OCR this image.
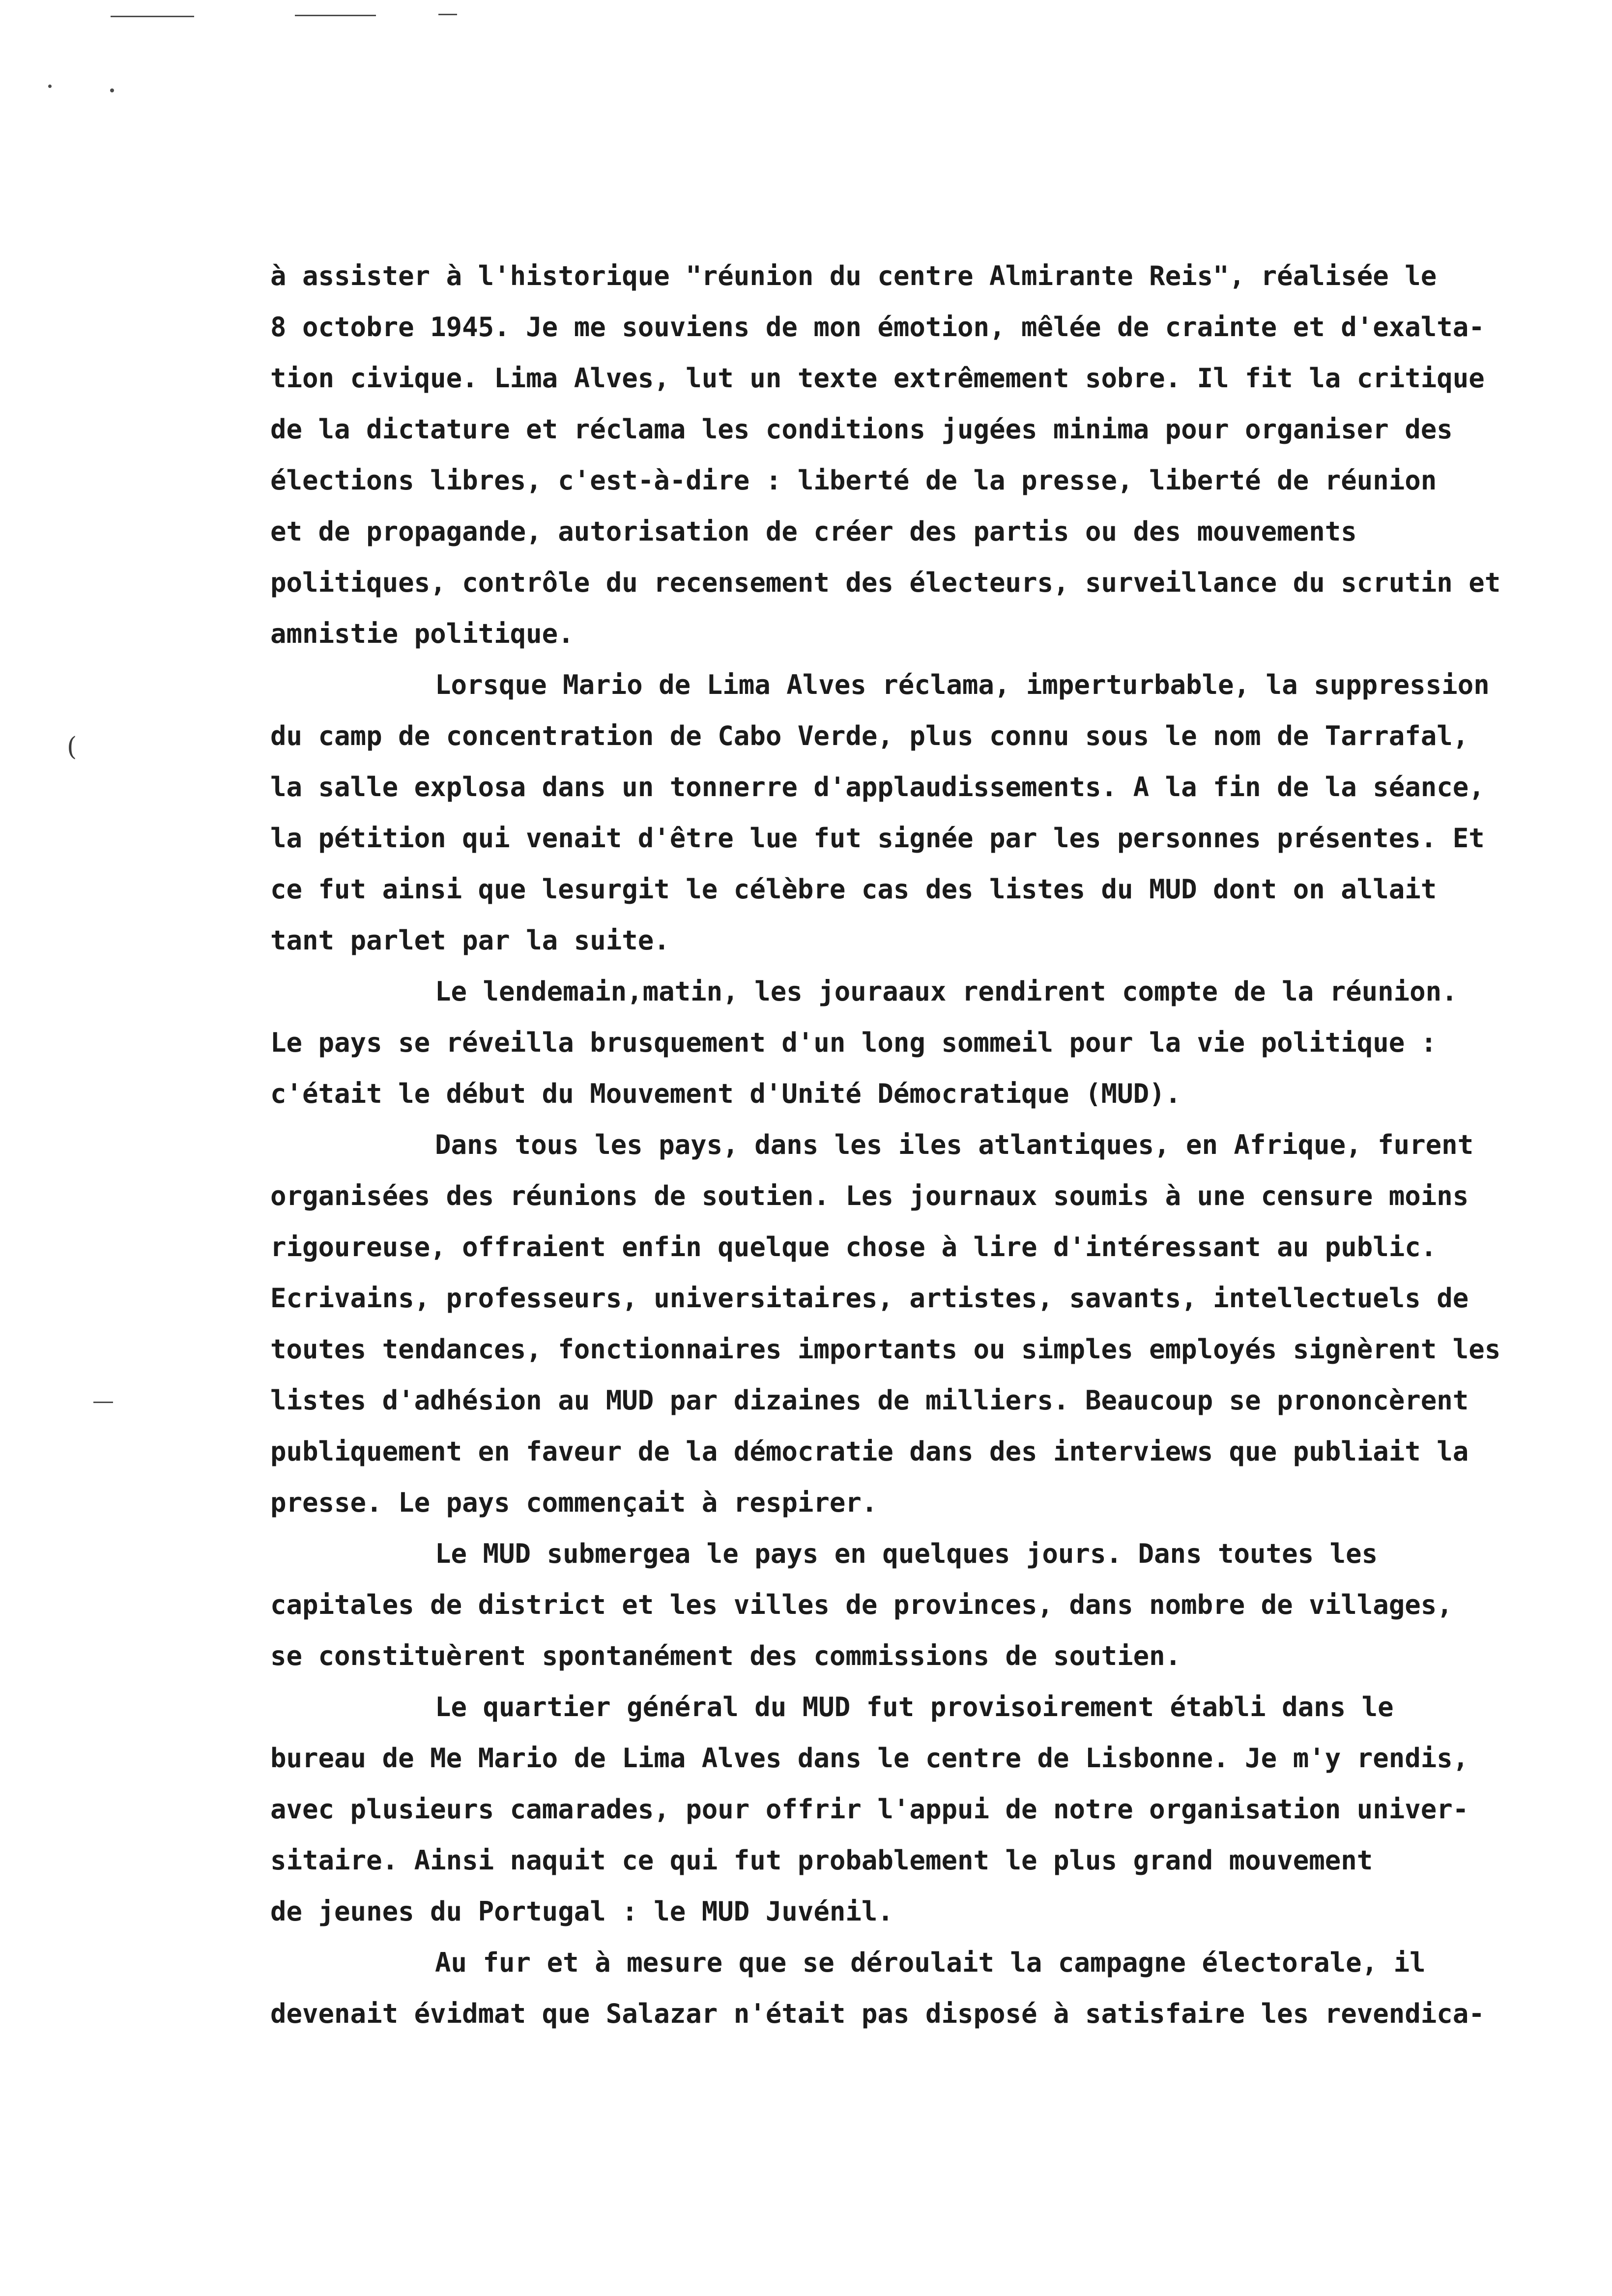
(
à assister à l'historique "réunion du centre Almirante Reis", réalisée le
8 octobre 1945. Je me souviens de mon émotion, mêlée de crainte et d'exalta-
tion civique. Lima Alves, lut un texte extrêmement sobre. Il fit la critique
de la dictature et réclama les conditions jugées minima pour organiser des
élections libres, c'est-à-dire : liberté de la presse, liberté de réunion
et de propagande, autorisation de créer des partis ou des mouvements
politiques, contrôle du recensement des électeurs, surveillance du scrutin et
amnistie politique.
Lorsque Mario de Lima Alves réclama, imperturbable, la suppression
du camp de concentration de Cabo Verde, plus connu sous le nom de Tarrafal,
la salle explosa dans un tonnerre d'applaudissements. A la fin de la séance,
la pétition qui venait d'être lue fut signée par les personnes présentes. Et
ce fut ainsi que lesurgit le célèbre cas des listes du MUD dont on allait
tant parlet par la suite.
Le lendemain,matin, les jouraaux rendirent compte de la réunion.
Le pays se réveilla brusquement d'un long sommeil pour la vie politique :
c'était le début du Mouvement d'Unité Démocratique (MUD).
Dans tous les pays, dans les iles atlantiques, en Afrique, furent
organisées des réunions de soutien. Les journaux soumis à une censure moins
rigoureuse, offraient enfin quelque chose à lire d'intéressant au public.
Ecrivains, professeurs, universitaires, artistes, savants, intellectuels de
toutes tendances, fonctionnaires importants ou simples employés signèrent les
listes d'adhésion au MUD par dizaines de milliers. Beaucoup se prononcèrent
publiquement en faveur de la démocratie dans des interviews que publiait la
presse. Le pays commençait à respirer.
Le MUD submergea le pays en quelques jours. Dans toutes les
capitales de district et les villes de provinces, dans nombre de villages,
se constituèrent spontanément des commissions de soutien.
Le quartier général du MUD fut provisoirement établi dans le
bureau de Me Mario de Lima Alves dans le centre de Lisbonne. Je m'y rendis,
avec plusieurs camarades, pour offrir l'appui de notre organisation univer-
sitaire. Ainsi naquit ce qui fut probablement le plus grand mouvement
de jeunes du Portugal : le MUD Juvénil.
Au fur et à mesure que se déroulait la campagne électorale, il
devenait évidmat que Salazar n'était pas disposé à satisfaire les revendica-
